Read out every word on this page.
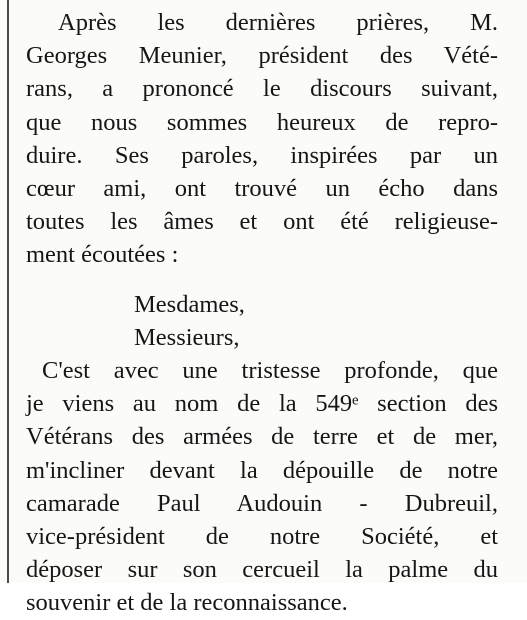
Après les dernières prières, M.
Georges Meunier, président des Vété-
rans, a prononcé le discours suivant,
que nous sommes heureux de repro-
duire. Ses paroles, inspirées par un
cœur ami, ont trouvé un écho dans
toutes les âmes et ont été religieuse-
ment écoutées :
Mesdames,
Messieurs,
C'est avec une tristesse profonde, que
je viens au nom de la 549ᵉ section des
Vétérans des armées de terre et de mer,
m'incliner devant la dépouille de notre
camarade Paul Audouin - Dubreuil,
vice-président de notre Société, et
déposer sur son cercueil la palme du
souvenir et de la reconnaissance.
